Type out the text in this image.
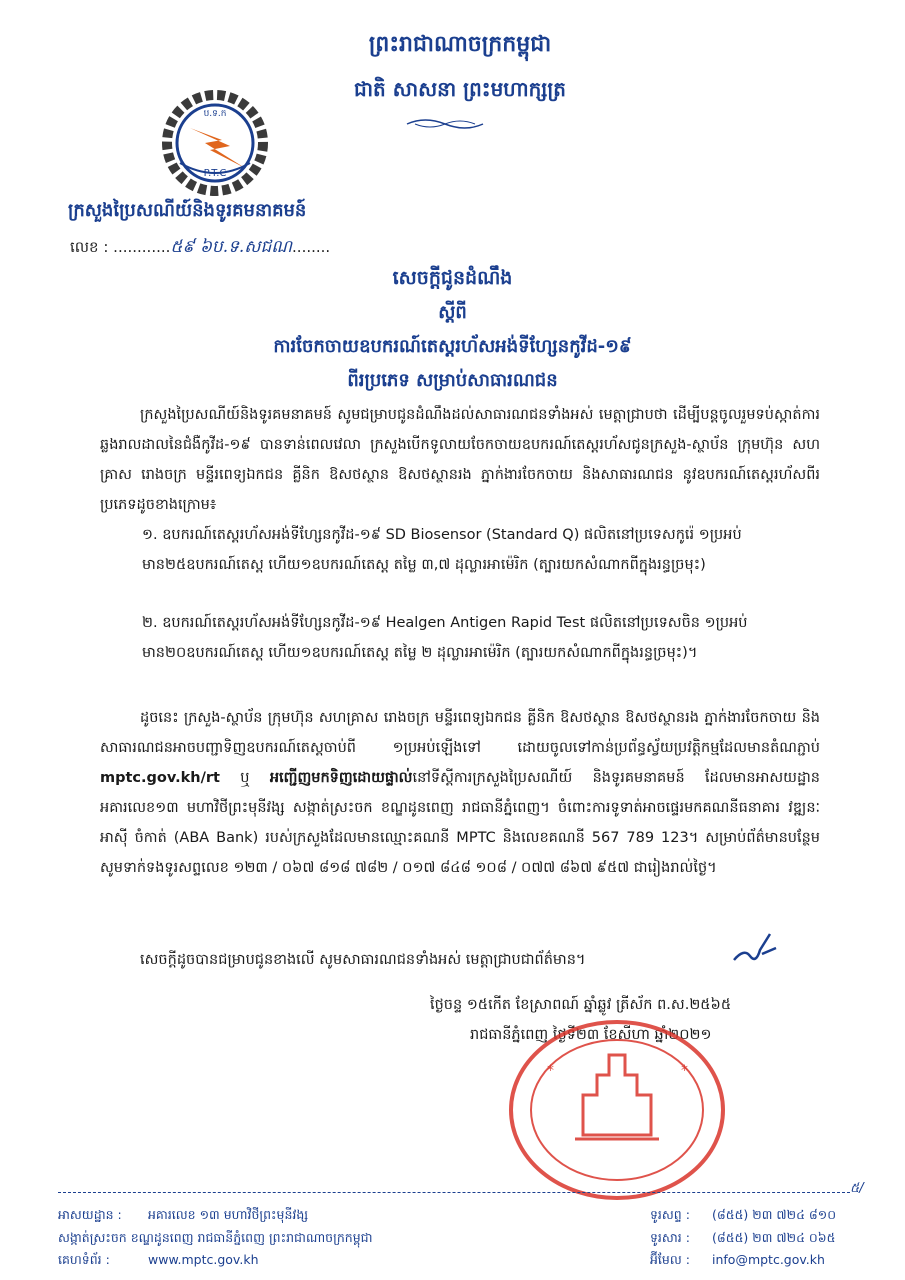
ព្រះរាជាណាចក្រកម្ពុជា
ជាតិ សាសនា ព្រះមហាក្សត្រ
ប.ទ.ក
P.T.C
ក្រសួងប្រៃសណីយ៍និងទូរគមនាគមន៍
លេខ : ............៥៩ ៦ប.ទ.សជណ........
សេចក្តីជូនដំណឹង
ស្តីពី
ការចែកចាយឧបករណ៍តេស្តរហ័សអង់ទីហ្សែនកូវីដ-១៩
ពីរប្រភេទ សម្រាប់សាធារណជន
ក្រសួងប្រៃសណីយ៍និងទូរគមនាគមន៍ សូមជម្រាបជូនដំណឹងដល់សាធារណជនទាំងអស់ មេត្តាជ្រាបថា ដើម្បីបន្តចូលរួមទប់ស្កាត់ការឆ្លងរាលដាលនៃជំងឺកូវីដ-១៩ បានទាន់ពេលវេលា ក្រសួងបើកទូលាយចែកចាយឧបករណ៍តេស្តរហ័សជូនក្រសួង-ស្ថាប័ន ក្រុមហ៊ុន សហគ្រាស រោងចក្រ មន្ទីរពេទ្យឯកជន គ្លីនិក ឱសថស្ថាន ឱសថស្ថានរង ភ្នាក់ងារចែកចាយ និងសាធារណជន នូវឧបករណ៍តេស្តរហ័សពីរប្រភេទដូចខាងក្រោម៖
១. ឧបករណ៍តេស្តរហ័សអង់ទីហ្សែនកូវីដ-១៩ SD Biosensor (Standard Q) ផលិតនៅប្រទេសកូរ៉េ ១ប្រអប់មាន២៥ឧបករណ៍តេស្ត ហើយ១ឧបករណ៍តេស្ត តម្លៃ ៣,៧ ដុល្លារអាម៉េរិក (ត្បារយកសំណាកពីក្នុងរន្ធច្រមុះ)
២. ឧបករណ៍តេស្តរហ័សអង់ទីហ្សែនកូវីដ-១៩ Healgen Antigen Rapid Test ផលិតនៅប្រទេសចិន ១ប្រអប់មាន២០ឧបករណ៍តេស្ត ហើយ១ឧបករណ៍តេស្ត តម្លៃ ២ ដុល្លារអាម៉េរិក (ត្បារយកសំណាកពីក្នុងរន្ធច្រមុះ)។
ដូចនេះ ក្រសួង-ស្ថាប័ន ក្រុមហ៊ុន សហគ្រាស រោងចក្រ មន្ទីរពេទ្យឯកជន គ្លីនិក ឱសថស្ថាន ឱសថស្ថានរង ភ្នាក់ងារចែកចាយ និងសាធារណជនអាចបញ្ជាទិញឧបករណ៍តេស្តចាប់ពី ១ប្រអប់ឡើងទៅ ដោយចូលទៅកាន់ប្រព័ន្ធស្វ័យប្រវត្តិកម្មដែលមានតំណភ្ជាប់ mptc.gov.kh/rt ឬ អញ្ជើញមកទិញដោយផ្ទាល់នៅទីស្តីការក្រសួងប្រៃសណីយ៍ និងទូរគមនាគមន៍ ដែលមានអាសយដ្ឋាន អគារលេខ១៣ មហាវិថីព្រះមុនីវង្ស សង្កាត់ស្រះចក ខណ្ឌដូនពេញ រាជធានីភ្នំពេញ។ ចំពោះការទូទាត់អាចផ្ទេរមកគណនីធនាគារ វឌ្ឍនៈ អាស៊ី ចំកាត់ (ABA Bank) របស់ក្រសួងដែលមានឈ្មោះគណនី MPTC និងលេខគណនី 567 789 123។ សម្រាប់ព័ត៌មានបន្ថែម សូមទាក់ទងទូរសព្ទលេខ ១២៣ / ០៦៧ ៨១៨ ៧៨២ / ០១៧ ៨៤៨ ១០៨ / ០៧៧ ៨៦៧ ៩៥៧ ជារៀងរាល់ថ្ងៃ។
សេចក្តីដូចបានជម្រាបជូនខាងលើ សូមសាធារណជនទាំងអស់ មេត្តាជ្រាបជាព័ត៌មាន។
ថ្ងៃចន្ទ ១៥កើត ខែស្រាពណ៍ ឆ្នាំឆ្លូវ ត្រីស័ក ព.ស.២៥៦៥
រាជធានីភ្នំពេញ ថ្ងៃទី២៣ ខែសីហា ឆ្នាំ២០២១
*	*
៥/
អាសយដ្ឋាន : អគារលេខ ១៣ មហាវិថីព្រះមុនីវង្ស
សង្កាត់ស្រះចក ខណ្ឌដូនពេញ រាជធានីភ្នំពេញ ព្រះរាជាណាចក្រកម្ពុជា
គេហទំព័រ :	www.mptc.gov.kh
ទូរសព្ទ : (៨៥៥) ២៣ ៧២៤ ៨១០
ទូរសារ : (៨៥៥) ២៣ ៧២៤ ០៦៥
អ៊ីមែល : info@mptc.gov.kh
